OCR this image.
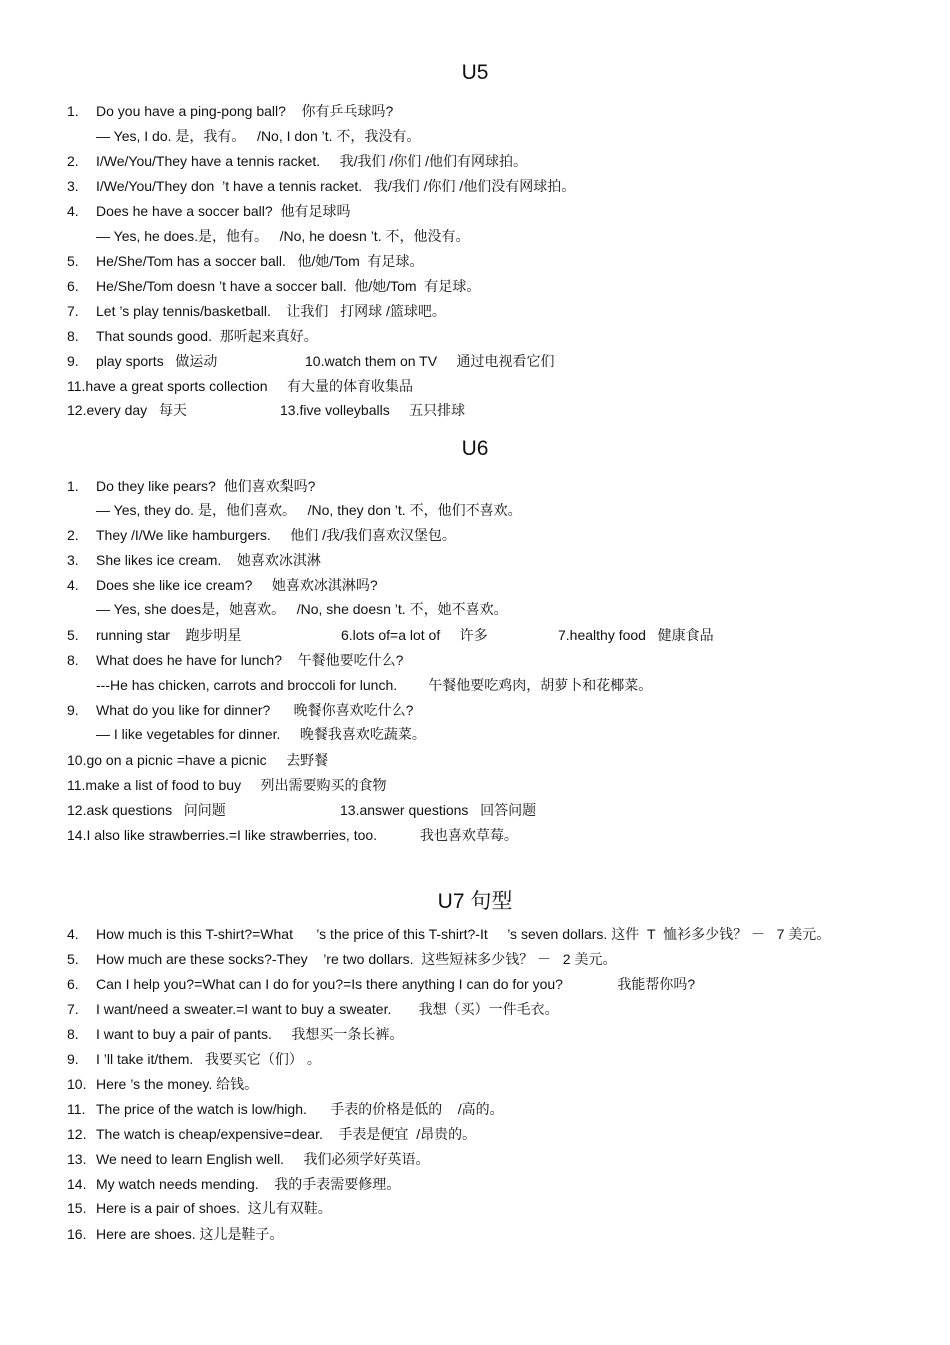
U5
1. Do you have a ping-pong ball?    你有乒乓球吗?
— Yes, I do. 是，我有。   /No, I don ’t. 不，我没有。
2. I/We/You/They have a tennis racket.     我/我们 /你们 /他们有网球拍。
3. I/We/You/They don  ’t have a tennis racket.   我/我们 /你们 /他们没有网球拍。
4. Does he have a soccer ball?  他有足球吗
— Yes, he does.是，他有。   /No, he doesn ’t. 不，他没有。
5. He/She/Tom has a soccer ball.   他/她/Tom  有足球。
6. He/She/Tom doesn ’t have a soccer ball.  他/她/Tom  有足球。
7. Let ’s play tennis/basketball.    让我们   打网球 /篮球吧。
8. That sounds good.  那听起来真好。
9. play sports   做运动	10.watch them on TV     通过电视看它们
11.have a great sports collection     有大量的体育收集品
12.every day   每天	13.five volleyballs     五只排球
U6
1. Do they like pears?  他们喜欢梨吗?
— Yes, they do. 是，他们喜欢。   /No, they don ’t. 不，他们不喜欢。
2. They /I/We like hamburgers.     他们 /我/我们喜欢汉堡包。
3. She likes ice cream.    她喜欢冰淇淋
4. Does she like ice cream?     她喜欢冰淇淋吗?
— Yes, she does是，她喜欢。   /No, she doesn ’t. 不，她不喜欢。
5. running star    跑步明星	6.lots of=a lot of     许多	7.healthy food   健康食品
8. What does he have for lunch?    午餐他要吃什么?
---He has chicken, carrots and broccoli for lunch.        午餐他要吃鸡肉，胡萝卜和花椰菜。
9. What do you like for dinner?      晚餐你喜欢吃什么?
— I like vegetables for dinner.     晚餐我喜欢吃蔬菜。
10.go on a picnic =have a picnic     去野餐
11.make a list of food to buy     列出需要购买的食物
12.ask questions   问问题	13.answer questions   回答问题
14.I also like strawberries.=I like strawberries, too.           我也喜欢草莓。
U7 句型
4. How much is this T-shirt?=What      ’s the price of this T-shirt?-It     ’s seven dollars. 这件  T  恤衫多少钱？ －   7 美元。
5. How much are these socks?-They    ’re two dollars.  这些短袜多少钱？ －   2 美元。
6. Can I help you?=What can I do for you?=Is there anything I can do for you?              我能帮你吗?
7. I want/need a sweater.=I want to buy a sweater.       我想（买）一件毛衣。
8. I want to buy a pair of pants.     我想买一条长裤。
9. I ’ll take it/them.   我要买它（们） 。
10. Here ’s the money. 给钱。
11. The price of the watch is low/high.      手表的价格是低的    /高的。
12. The watch is cheap/expensive=dear.    手表是便宜  /昂贵的。
13. We need to learn English well.     我们必须学好英语。
14. My watch needs mending.    我的手表需要修理。
15. Here is a pair of shoes.  这儿有双鞋。
16. Here are shoes. 这儿是鞋子。
